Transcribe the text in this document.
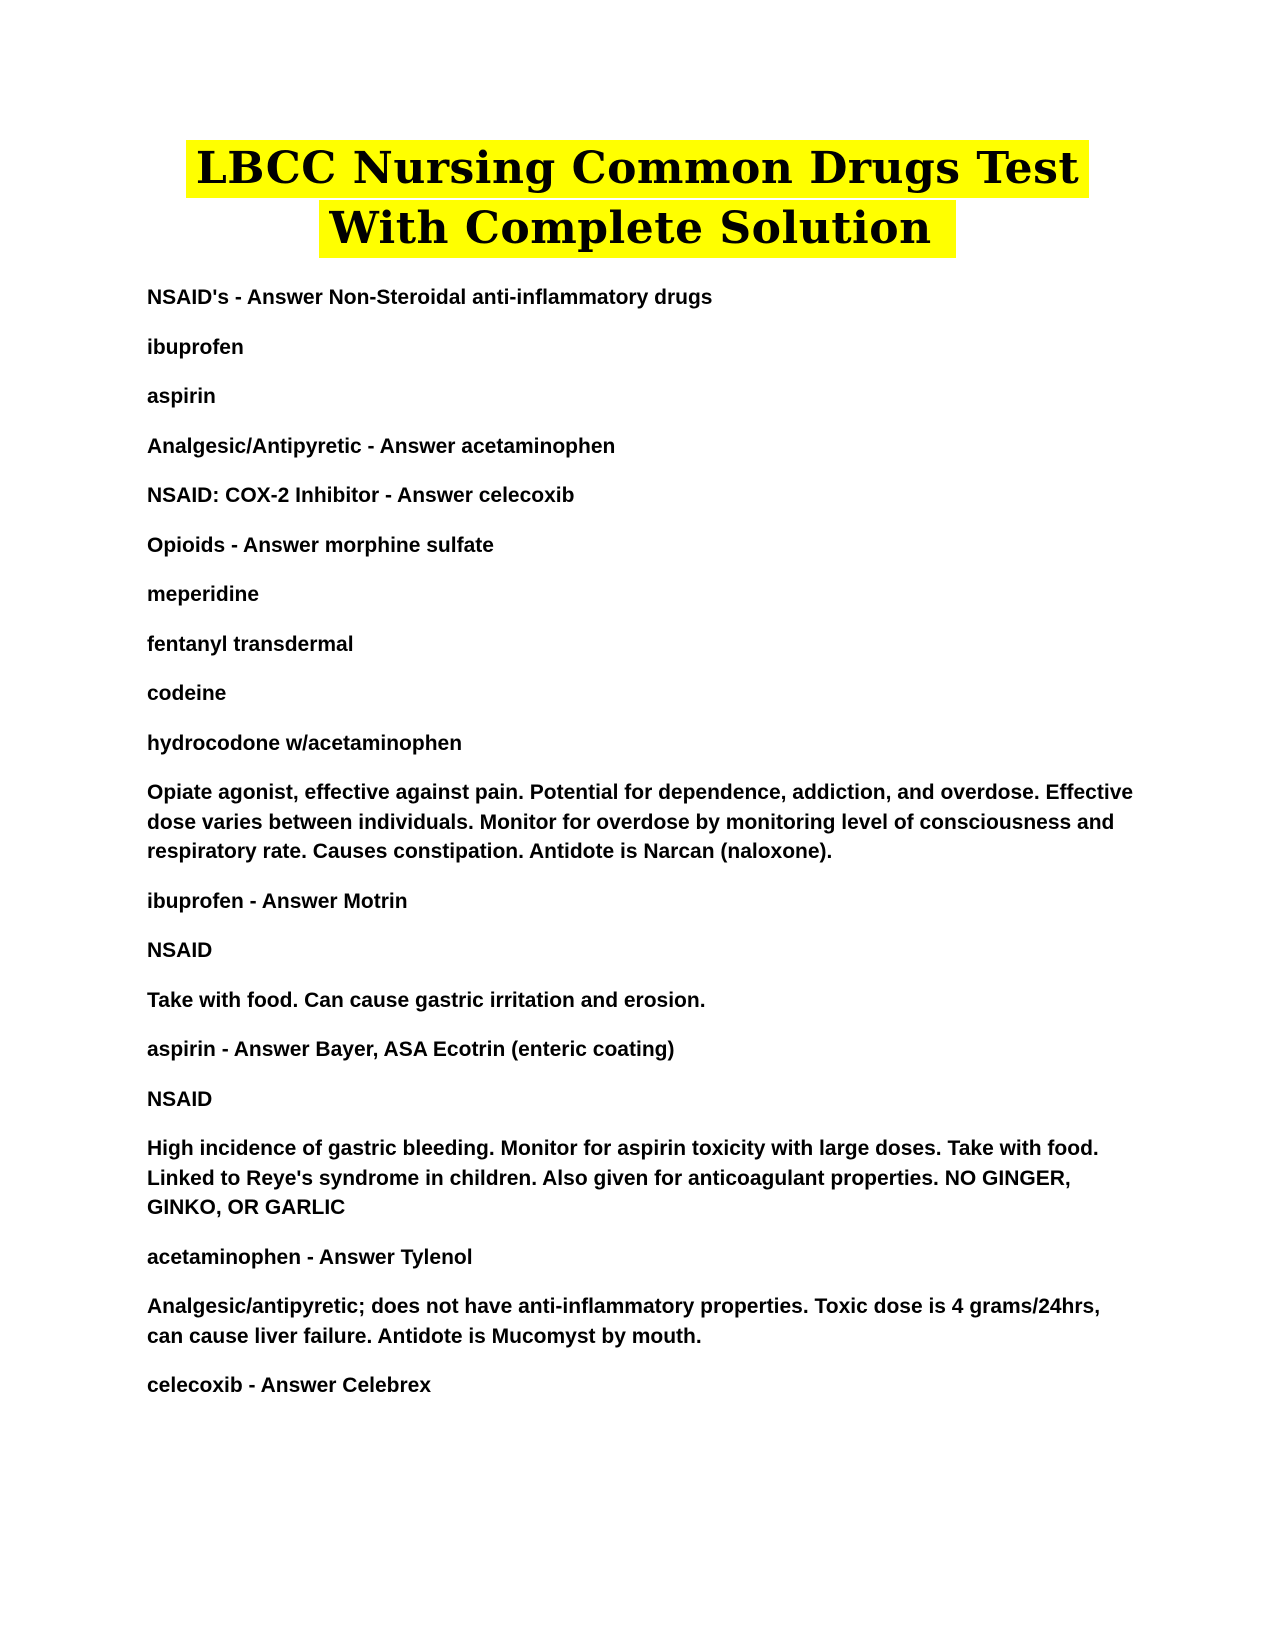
LBCC Nursing Common Drugs Test
With Complete Solution

NSAID's - Answer Non-Steroidal anti-inflammatory drugs

ibuprofen

aspirin

Analgesic/Antipyretic - Answer acetaminophen

NSAID: COX-2 Inhibitor - Answer celecoxib

Opioids - Answer morphine sulfate

meperidine

fentanyl transdermal

codeine

hydrocodone w/acetaminophen

Opiate agonist, effective against pain. Potential for dependence, addiction, and overdose. Effective dose varies between individuals. Monitor for overdose by monitoring level of consciousness and respiratory rate. Causes constipation. Antidote is Narcan (naloxone).

ibuprofen - Answer Motrin

NSAID

Take with food. Can cause gastric irritation and erosion.

aspirin - Answer Bayer, ASA Ecotrin (enteric coating)

NSAID

High incidence of gastric bleeding. Monitor for aspirin toxicity with large doses. Take with food. Linked to Reye's syndrome in children. Also given for anticoagulant properties. NO GINGER, GINKO, OR GARLIC

acetaminophen - Answer Tylenol

Analgesic/antipyretic; does not have anti-inflammatory properties. Toxic dose is 4 grams/24hrs, can cause liver failure. Antidote is Mucomyst by mouth.

celecoxib - Answer Celebrex
